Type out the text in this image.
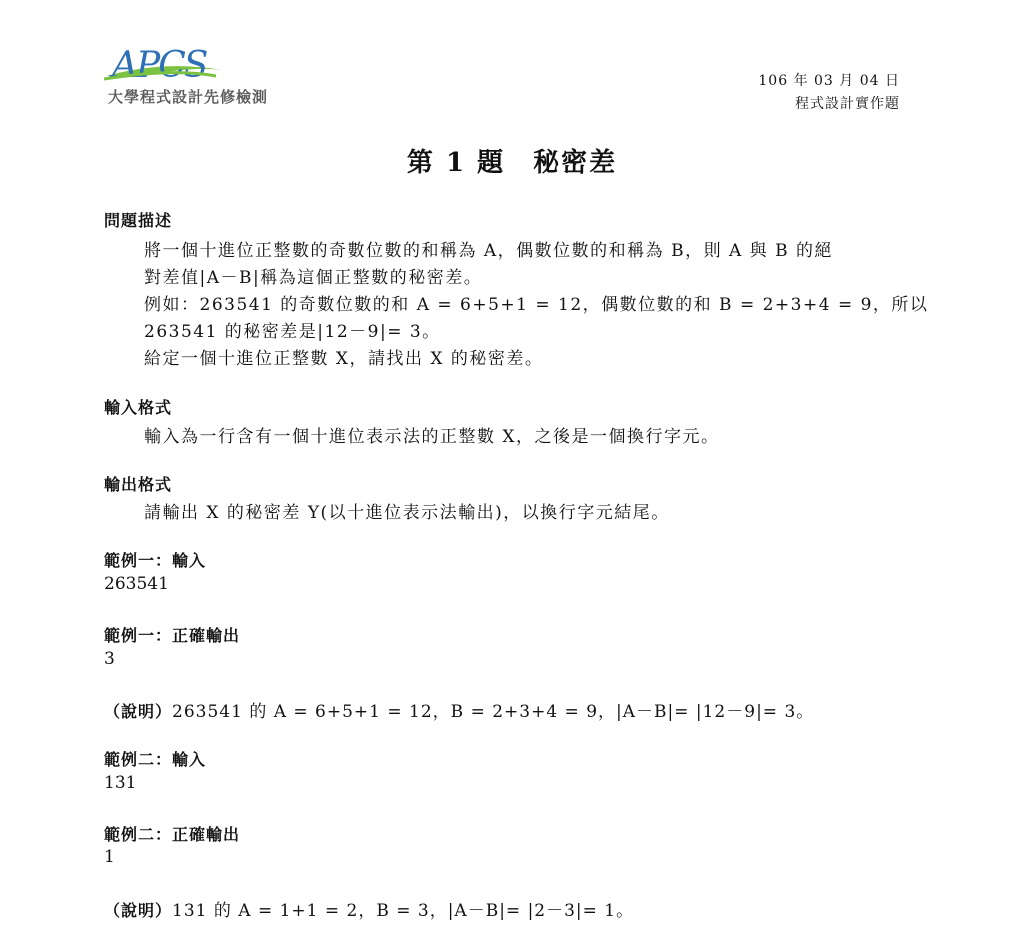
APCS
大學程式設計先修檢測
106 年 03 月 04 日
程式設計實作題
第 1 題　秘密差
問題描述
將一個十進位正整數的奇數位數的和稱為 A，偶數位數的和稱為 B，則 A 與 B 的絕
對差值|A－B|稱為這個正整數的秘密差。
例如：263541 的奇數位數的和 A = 6+5+1 = 12，偶數位數的和 B = 2+3+4 = 9，所以
263541 的秘密差是|12－9|= 3。
給定一個十進位正整數 X，請找出 X 的秘密差。
輸入格式
輸入為一行含有一個十進位表示法的正整數 X，之後是一個換行字元。
輸出格式
請輸出 X 的秘密差 Y(以十進位表示法輸出)，以換行字元結尾。
範例一：輸入
263541
範例一：正確輸出
3
（說明）263541 的 A = 6+5+1 = 12，B = 2+3+4 = 9，|A－B|= |12－9|= 3。
範例二：輸入
131
範例二：正確輸出
1
（說明）131 的 A = 1+1 = 2，B = 3，|A－B|= |2－3|= 1。
